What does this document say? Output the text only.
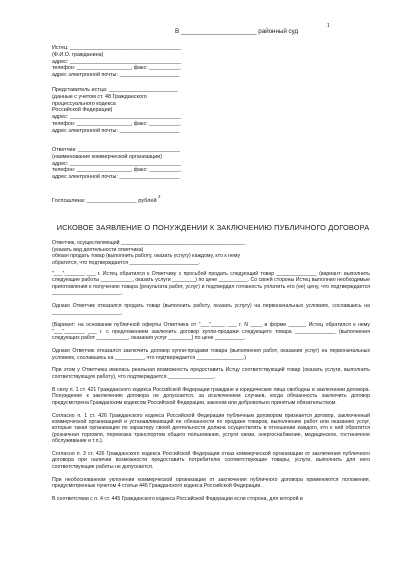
В ______________________ районный суд
1
Истец: _____________________________________
(Ф.И.О. гражданина)
адрес: _____________________________________
телефон: __________________, факс: __________,
адрес электронной почты: ____________________
Представитель истца: _______________________
(данные с учетом ст. 48 Гражданского
процессуального кодекса
Российской Федерации)
адрес: _____________________________________
телефон: __________________, факс: __________,
адрес электронной почты: ____________________
Ответчик: __________________________________
(наименование коммерческой организации)
адрес: _____________________________________
телефон: __________________, факс: __________,
адрес электронной почты: ____________________
Госпошлина: ________________ рублей $^2$
ИСКОВОЕ ЗАЯВЛЕНИЕ О ПОНУЖДЕНИИ К ЗАКЛЮЧЕНИЮ ПУБЛИЧНОГО ДОГОВОРА
Ответчик, осуществляющий ___________________________________________
(указать вид деятельности ответчика)
обязан продать товар (выполнить работу, оказать услугу) каждому, кто к нему
обратится, что подтверждается ________________________.

"___"_______ ___ г. Истец обратился к Ответчику с просьбой продать следующий товар ______________ (вариант: выполнить следующие работы ___________, оказать услуги ________) по цене __________. Со своей стороны Истец выполнил необходимые приготовления к получению товара (результата работ, услуг) и подтвердил готовность уплатить его (ее) цену, что подтверждается ________________________.

Однако Ответчик отказался продать товар (выполнить работу, оказать услугу) на первоначальных условиях, сославшись на ________________________.

(Вариант: на основании публичной оферты Ответчика от "___"_____ ___ г. N ____ в форме ______ Истец обратился к нему "___"_______ ___ г. с предложением заключить договор купли-продажи следующего товара ______________ (выполнения следующих работ ___________, оказания услуг ________) по цене __________.

Однако Ответчик отказался заключить договор купли-продажи товара (выполнения работ, оказания услуг) на первоначальных условиях, сославшись на __________, что подтверждается ________________.)

При этом у Ответчика имелась реальная возможность предоставить Истцу соответствующий товар (оказать услуги, выполнить соответствующую работу), что подтверждается ________________.

В силу п. 1 ст. 421 Гражданского кодекса Российской Федерации граждане и юридические лица свободны в заключении договора. Понуждение к заключению договора не допускается, за исключением случаев, когда обязанность заключить договор предусмотрена Гражданским кодексом Российской Федерации, законом или добровольно принятым обязательством.

Согласно п. 1 ст. 426 Гражданского кодекса Российской Федерации публичным договором признается договор, заключенный коммерческой организацией и устанавливающий ее обязанности по продаже товаров, выполнению работ или оказанию услуг, которые такая организация по характеру своей деятельности должна осуществлять в отношении каждого, кто к ней обратится (розничная торговля, перевозка транспортом общего пользования, услуги связи, энергоснабжение, медицинское, гостиничное обслуживание и т.п.).

Согласно п. 3 ст. 426 Гражданского кодекса Российской Федерации отказ коммерческой организации от заключения публичного договора при наличии возможности предоставить потребителю соответствующие товары, услуги, выполнить для него соответствующие работы не допускается.

При необоснованном уклонении коммерческой организации от заключения публичного договора применяются положения, предусмотренные пунктом 4 статьи 445 Гражданского кодекса Российской Федерации.

В соответствии с п. 4 ст. 445 Гражданского кодекса Российской Федерации если сторона, для которой в
